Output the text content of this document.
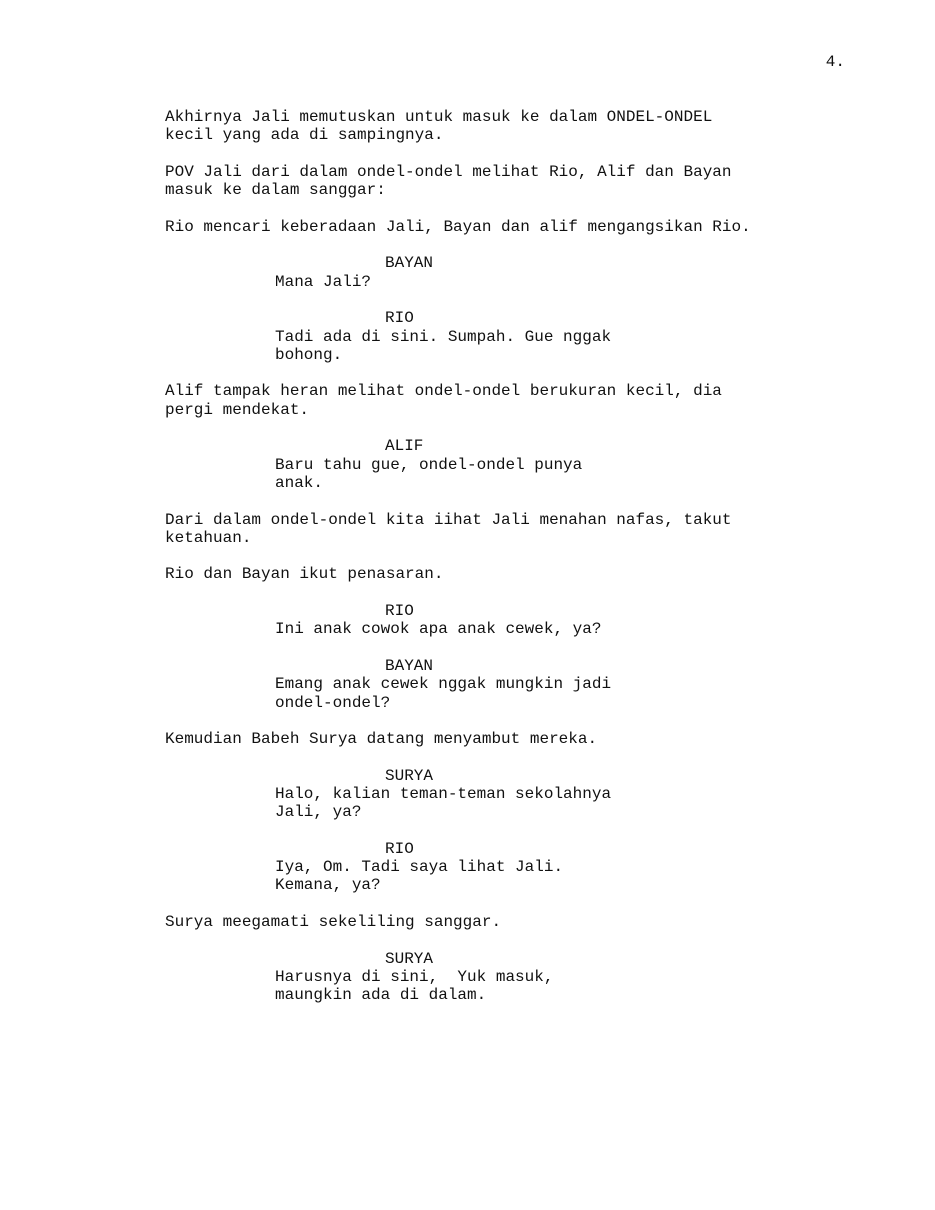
4.
Akhirnya Jali memutuskan untuk masuk ke dalam ONDEL-ONDEL
kecil yang ada di sampingnya.
POV Jali dari dalam ondel-ondel melihat Rio, Alif dan Bayan
masuk ke dalam sanggar:
Rio mencari keberadaan Jali, Bayan dan alif mengangsikan Rio.
BAYAN
Mana Jali?
RIO
Tadi ada di sini. Sumpah. Gue nggak
bohong.
Alif tampak heran melihat ondel-ondel berukuran kecil, dia
pergi mendekat.
ALIF
Baru tahu gue, ondel-ondel punya
anak.
Dari dalam ondel-ondel kita iihat Jali menahan nafas, takut
ketahuan.
Rio dan Bayan ikut penasaran.
RIO
Ini anak cowok apa anak cewek, ya?
BAYAN
Emang anak cewek nggak mungkin jadi
ondel-ondel?
Kemudian Babeh Surya datang menyambut mereka.
SURYA
Halo, kalian teman-teman sekolahnya
Jali, ya?
RIO
Iya, Om. Tadi saya lihat Jali.
Kemana, ya?
Surya meegamati sekeliling sanggar.
SURYA
Harusnya di sini,  Yuk masuk,
maungkin ada di dalam.
